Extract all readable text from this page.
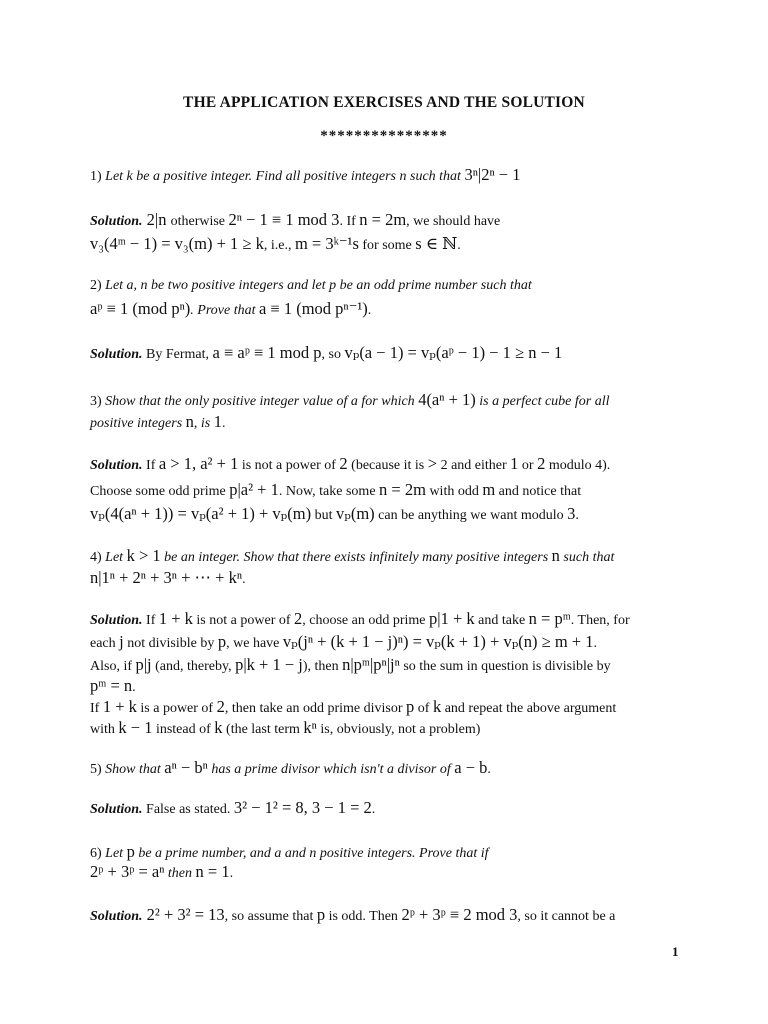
THE APPLICATION EXERCISES AND THE SOLUTION
***************
1) Let k be a positive integer. Find all positive integers n such that 3ⁿ|2ⁿ − 1
Solution. 2|n otherwise 2ⁿ − 1 ≡ 1 mod 3. If n = 2m, we should have
v₃(4ᵐ − 1) = v₃(m) + 1 ≥ k, i.e., m = 3ᵏ⁻¹s for some s ∈ ℕ.
2) Let a, n be two positive integers and let p be an odd prime number such that
aᵖ ≡ 1 (mod pⁿ). Prove that a ≡ 1 (mod pⁿ⁻¹).
Solution. By Fermat, a ≡ aᵖ ≡ 1 mod p, so vₚ(a − 1) = vₚ(aᵖ − 1) − 1 ≥ n − 1
3) Show that the only positive integer value of a for which 4(aⁿ + 1) is a perfect cube for all
positive integers n, is 1.
Solution. If a > 1, a² + 1 is not a power of 2 (because it is > 2 and either 1 or 2 modulo 4).
Choose some odd prime p|a² + 1. Now, take some n = 2m with odd m and notice that
vₚ(4(aⁿ + 1)) = vₚ(a² + 1) + vₚ(m) but vₚ(m) can be anything we want modulo 3.
4) Let k > 1 be an integer. Show that there exists infinitely many positive integers n such that
n|1ⁿ + 2ⁿ + 3ⁿ + ⋯ + kⁿ.
Solution. If 1 + k is not a power of 2, choose an odd prime p|1 + k and take n = pᵐ. Then, for
each j not divisible by p, we have vₚ(jⁿ + (k + 1 − j)ⁿ) = vₚ(k + 1) + vₚ(n) ≥ m + 1.
Also, if p|j (and, thereby, p|k + 1 − j), then n|pᵐ|pⁿ|jⁿ so the sum in question is divisible by
pᵐ = n.
If 1 + k is a power of 2, then take an odd prime divisor p of k and repeat the above argument
with k − 1 instead of k (the last term kⁿ is, obviously, not a problem)
5) Show that aⁿ − bⁿ has a prime divisor which isn't a divisor of a − b.
Solution. False as stated. 3² − 1² = 8, 3 − 1 = 2.
6) Let p be a prime number, and a and n positive integers. Prove that if
2ᵖ + 3ᵖ = aⁿ then n = 1.
Solution. 2² + 3² = 13, so assume that p is odd. Then 2ᵖ + 3ᵖ ≡ 2 mod 3, so it cannot be a
1
